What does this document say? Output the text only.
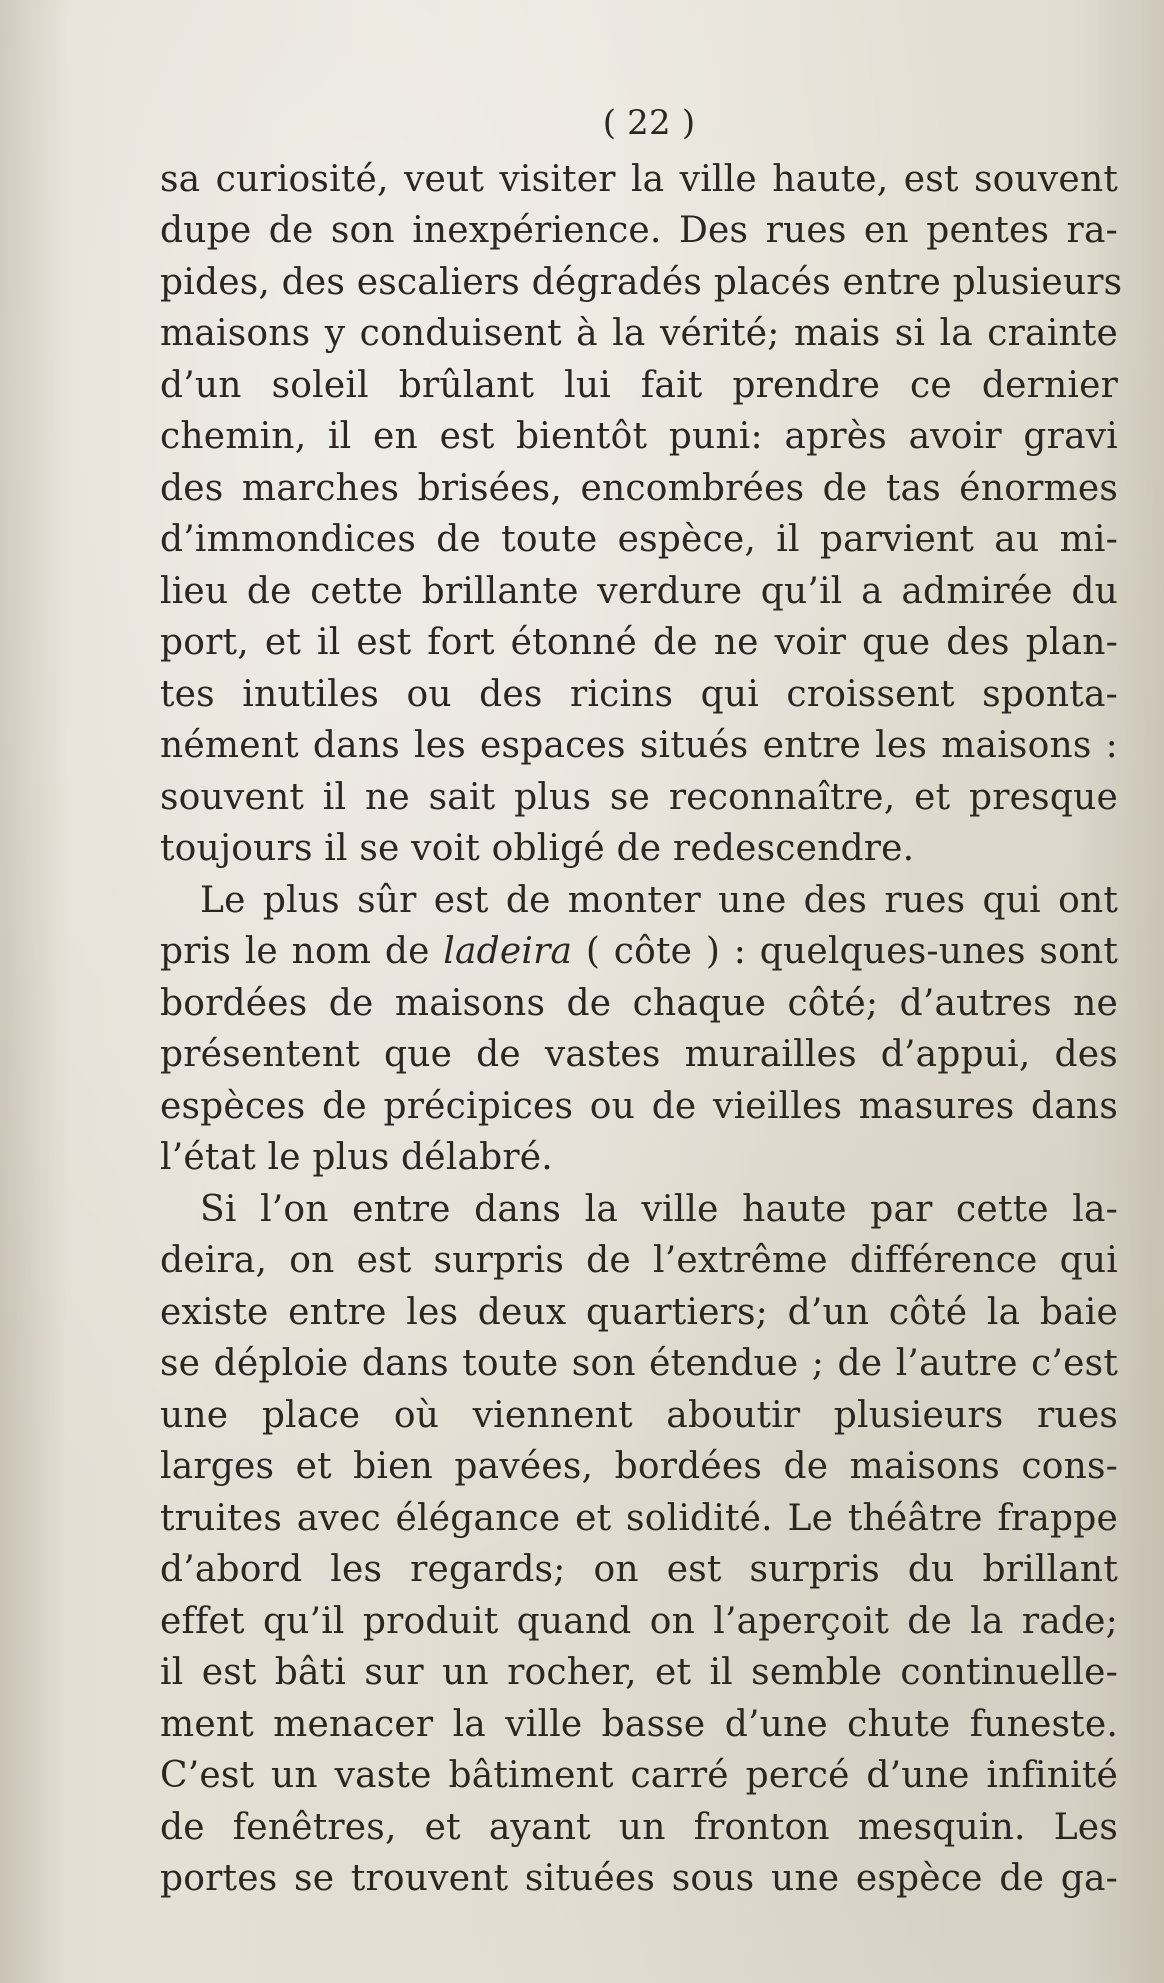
( 22 )
sa curiosité, veut visiter la ville haute, est souvent
dupe de son inexpérience. Des rues en pentes ra-
pides, des escaliers dégradés placés entre plusieurs
maisons y conduisent à la vérité; mais si la crainte
d’un soleil brûlant lui fait prendre ce dernier
chemin, il en est bientôt puni: après avoir gravi
des marches brisées, encombrées de tas énormes
d’immondices de toute espèce, il parvient au mi-
lieu de cette brillante verdure qu’il a admirée du
port, et il est fort étonné de ne voir que des plan-
tes inutiles ou des ricins qui croissent sponta-
nément dans les espaces situés entre les maisons :
souvent il ne sait plus se reconnaître, et presque
toujours il se voit obligé de redescendre.
Le plus sûr est de monter une des rues qui ont
pris le nom de ladeira ( côte ) : quelques-unes sont
bordées de maisons de chaque côté; d’autres ne
présentent que de vastes murailles d’appui, des
espèces de précipices ou de vieilles masures dans
l’état le plus délabré.
Si l’on entre dans la ville haute par cette la-
deira, on est surpris de l’extrême différence qui
existe entre les deux quartiers; d’un côté la baie
se déploie dans toute son étendue ; de l’autre c’est
une place où viennent aboutir plusieurs rues
larges et bien pavées, bordées de maisons cons-
truites avec élégance et solidité. Le théâtre frappe
d’abord les regards; on est surpris du brillant
effet qu’il produit quand on l’aperçoit de la rade;
il est bâti sur un rocher, et il semble continuelle-
ment menacer la ville basse d’une chute funeste.
C’est un vaste bâtiment carré percé d’une infinité
de fenêtres, et ayant un fronton mesquin. Les
portes se trouvent situées sous une espèce de ga-
